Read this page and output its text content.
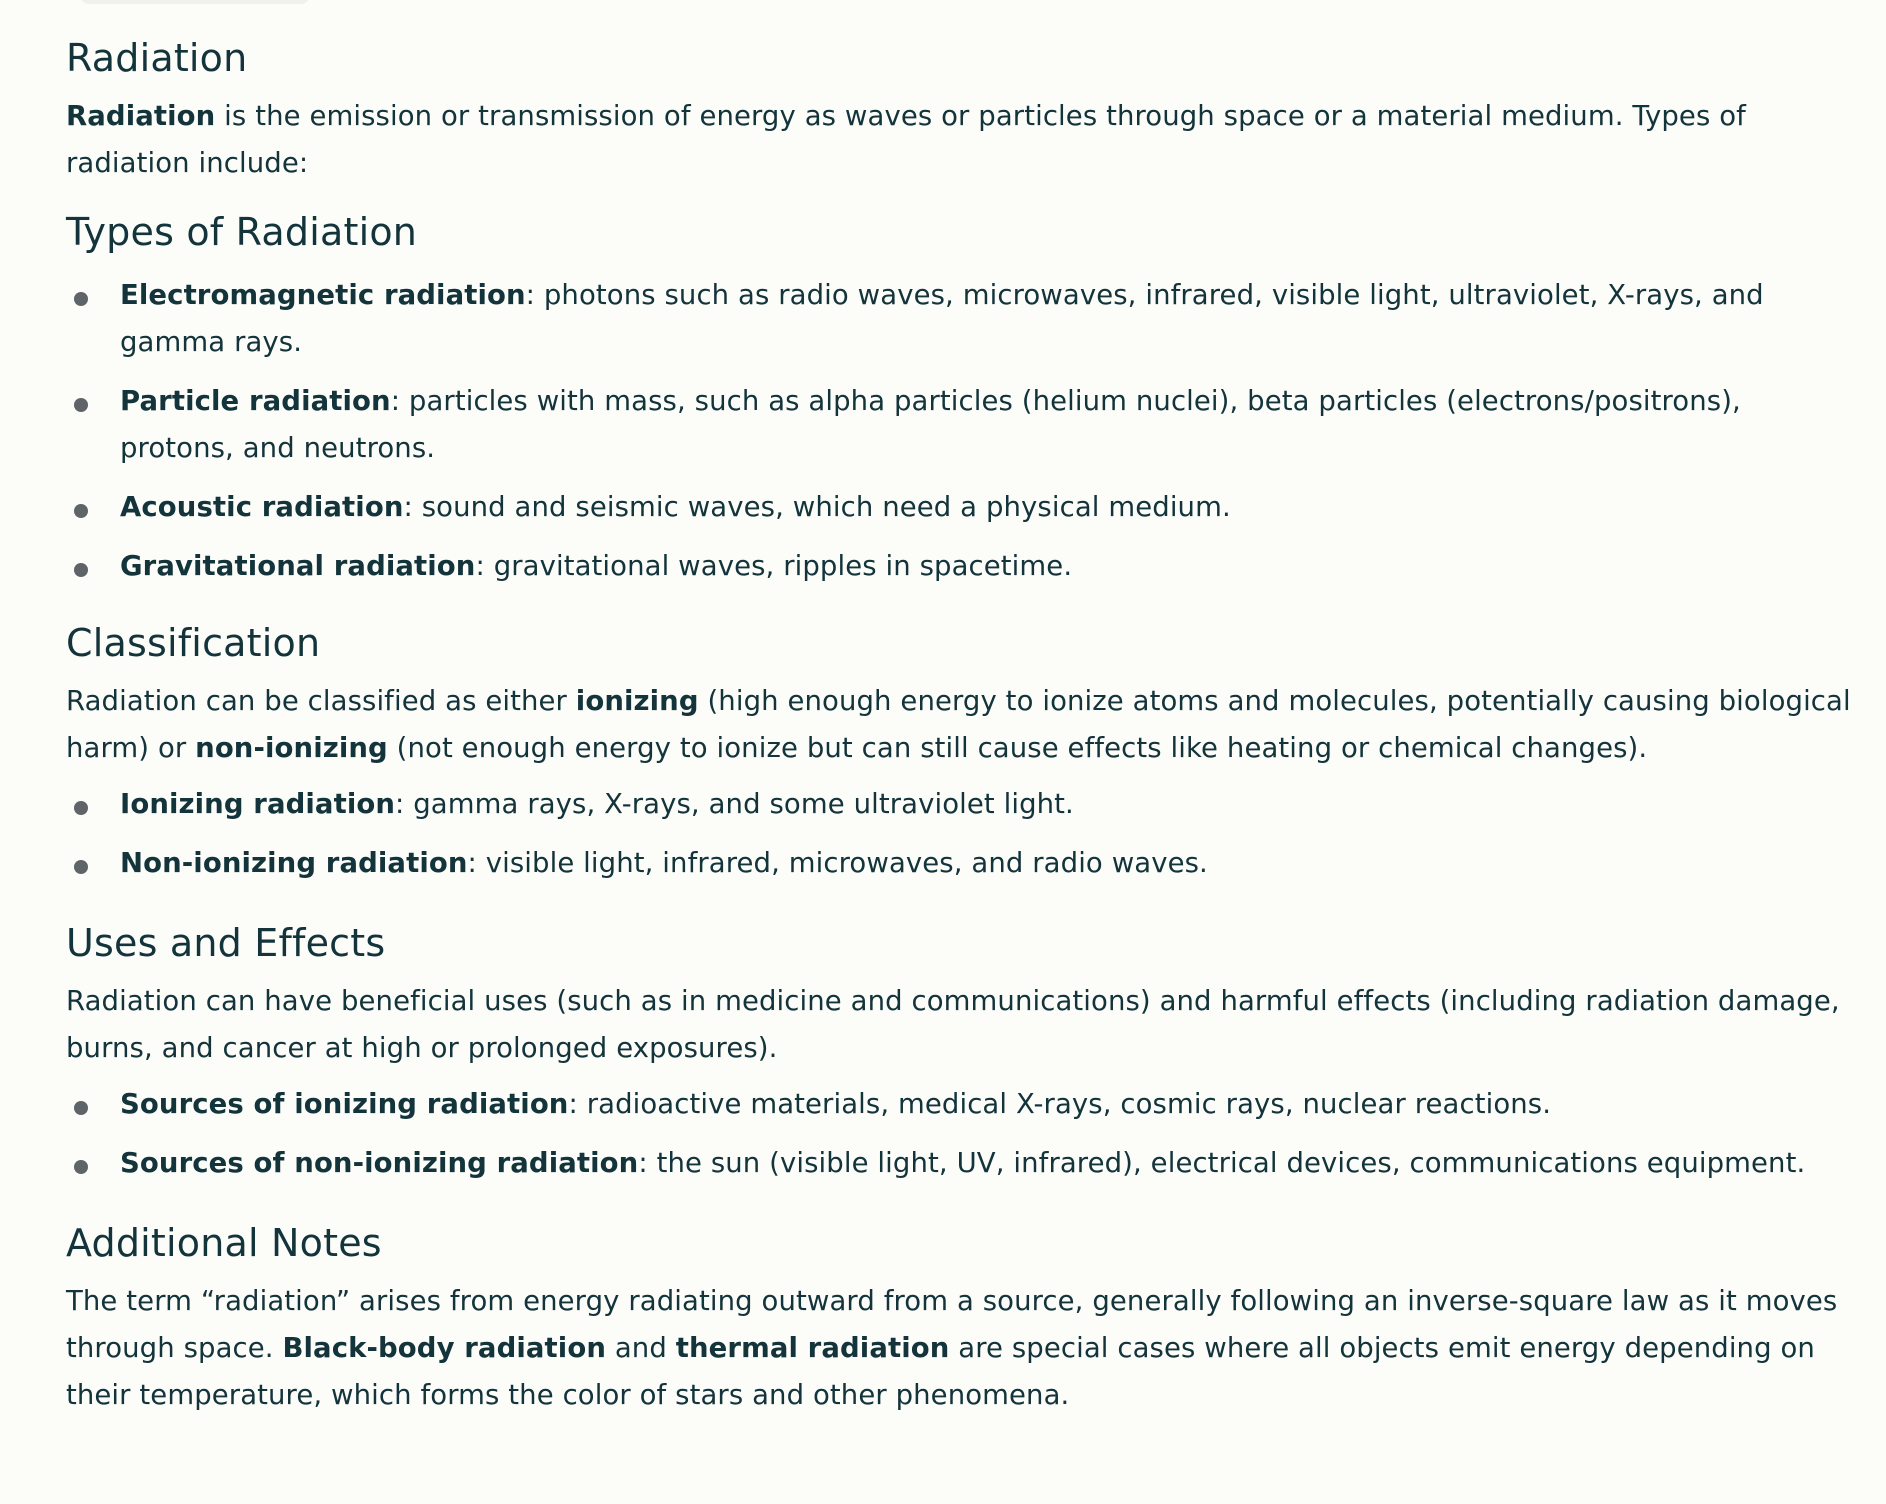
Radiation

Radiation is the emission or transmission of energy as waves or particles through space or a material medium. Types of radiation include:

Types of Radiation
Electromagnetic radiation: photons such as radio waves, microwaves, infrared, visible light, ultraviolet, X-rays, and gamma rays.
Particle radiation: particles with mass, such as alpha particles (helium nuclei), beta particles (electrons/positrons), protons, and neutrons.
Acoustic radiation: sound and seismic waves, which need a physical medium.
Gravitational radiation: gravitational waves, ripples in spacetime.
Classification

Radiation can be classified as either ionizing (high enough energy to ionize atoms and molecules, potentially causing biological harm) or non-ionizing (not enough energy to ionize but can still cause effects like heating or chemical changes).

Ionizing radiation: gamma rays, X-rays, and some ultraviolet light.
Non-ionizing radiation: visible light, infrared, microwaves, and radio waves.
Uses and Effects

Radiation can have beneficial uses (such as in medicine and communications) and harmful effects (including radiation damage, burns, and cancer at high or prolonged exposures).

Sources of ionizing radiation: radioactive materials, medical X-rays, cosmic rays, nuclear reactions.
Sources of non-ionizing radiation: the sun (visible light, UV, infrared), electrical devices, communications equipment.
Additional Notes

The term “radiation” arises from energy radiating outward from a source, generally following an inverse-square law as it moves through space. Black-body radiation and thermal radiation are special cases where all objects emit energy depending on their temperature, which forms the color of stars and other phenomena.
